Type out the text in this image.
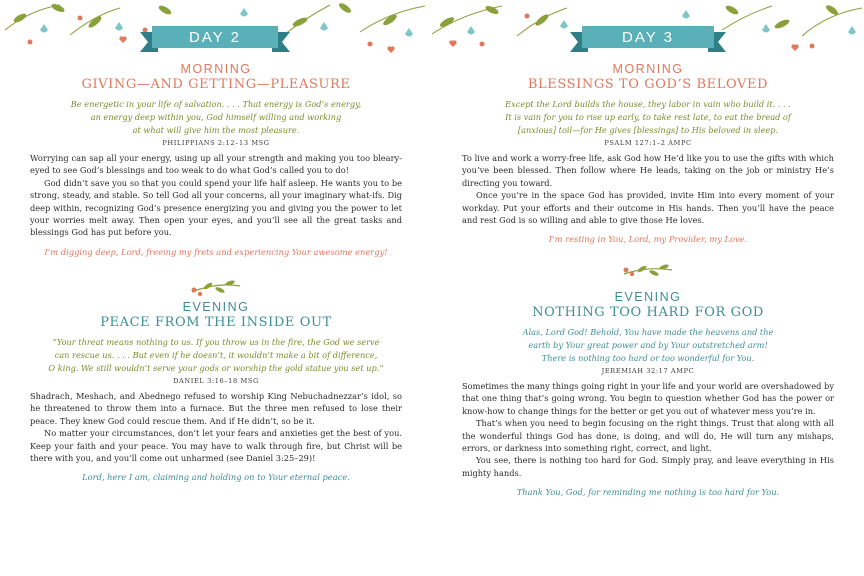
DAY 2

MORNING

GIVING—AND GETTING—PLEASURE

Be energetic in your life of salvation. . . . That energy is God’s energy,
an energy deep within you, God himself willing and working
at what will give him the most pleasure.

PHILIPPIANS 2:12–13 MSG

Worrying can sap all your energy, using up all your strength and making you too bleary-eyed to see God’s blessings and too weak to do what God’s called you to do!

God didn’t save you so that you could spend your life half asleep. He wants you to be strong, steady, and stable. So tell God all your concerns, all your imaginary what-ifs. Dig deep within, recognizing God’s presence energizing you and giving you the power to let your worries melt away. Then open your eyes, and you’ll see all the great tasks and blessings God has put before you.

I’m digging deep, Lord, freeing my frets and experiencing Your awesome energy!

EVENING

PEACE FROM THE INSIDE OUT

“Your threat means nothing to us. If you throw us in the fire, the God we serve
can rescue us. . . . But even if he doesn’t, it wouldn’t make a bit of difference,
O king. We still wouldn’t serve your gods or worship the gold statue you set up.”

DANIEL 3:16–18 MSG

Shadrach, Meshach, and Abednego refused to worship King Nebuchadnezzar’s idol, so he threatened to throw them into a furnace. But the three men refused to lose their peace. They knew God could rescue them. And if He didn’t, so be it.

No matter your circumstances, don’t let your fears and anxieties get the best of you. Keep your faith and your peace. You may have to walk through fire, but Christ will be there with you, and you’ll come out unharmed (see Daniel 3:25–29)!

Lord, here I am, claiming and holding on to Your eternal peace.

DAY 3

MORNING

BLESSINGS TO GOD’S BELOVED

Except the Lord builds the house, they labor in vain who build it. . . .
It is vain for you to rise up early, to take rest late, to eat the bread of
[anxious] toil—for He gives [blessings] to His beloved in sleep.

PSALM 127:1–2 AMPC

To live and work a worry-free life, ask God how He’d like you to use the gifts with which you’ve been blessed. Then follow where He leads, taking on the job or ministry He’s directing you toward.

Once you’re in the space God has provided, invite Him into every moment of your workday. Put your efforts and their outcome in His hands. Then you’ll have the peace and rest God is so willing and able to give those He loves.

I’m resting in You, Lord, my Provider, my Love.

EVENING

NOTHING TOO HARD FOR GOD

Alas, Lord God! Behold, You have made the heavens and the
earth by Your great power and by Your outstretched arm!
There is nothing too hard or too wonderful for You.

JEREMIAH 32:17 AMPC

Sometimes the many things going right in your life and your world are overshadowed by that one thing that’s going wrong. You begin to question whether God has the power or know-how to change things for the better or get you out of whatever mess you’re in.

That’s when you need to begin focusing on the right things. Trust that along with all the wonderful things God has done, is doing, and will do, He will turn any mishaps, errors, or darkness into something right, correct, and light.

You see, there is nothing too hard for God. Simply pray, and leave everything in His mighty hands.

Thank You, God, for reminding me nothing is too hard for You.
